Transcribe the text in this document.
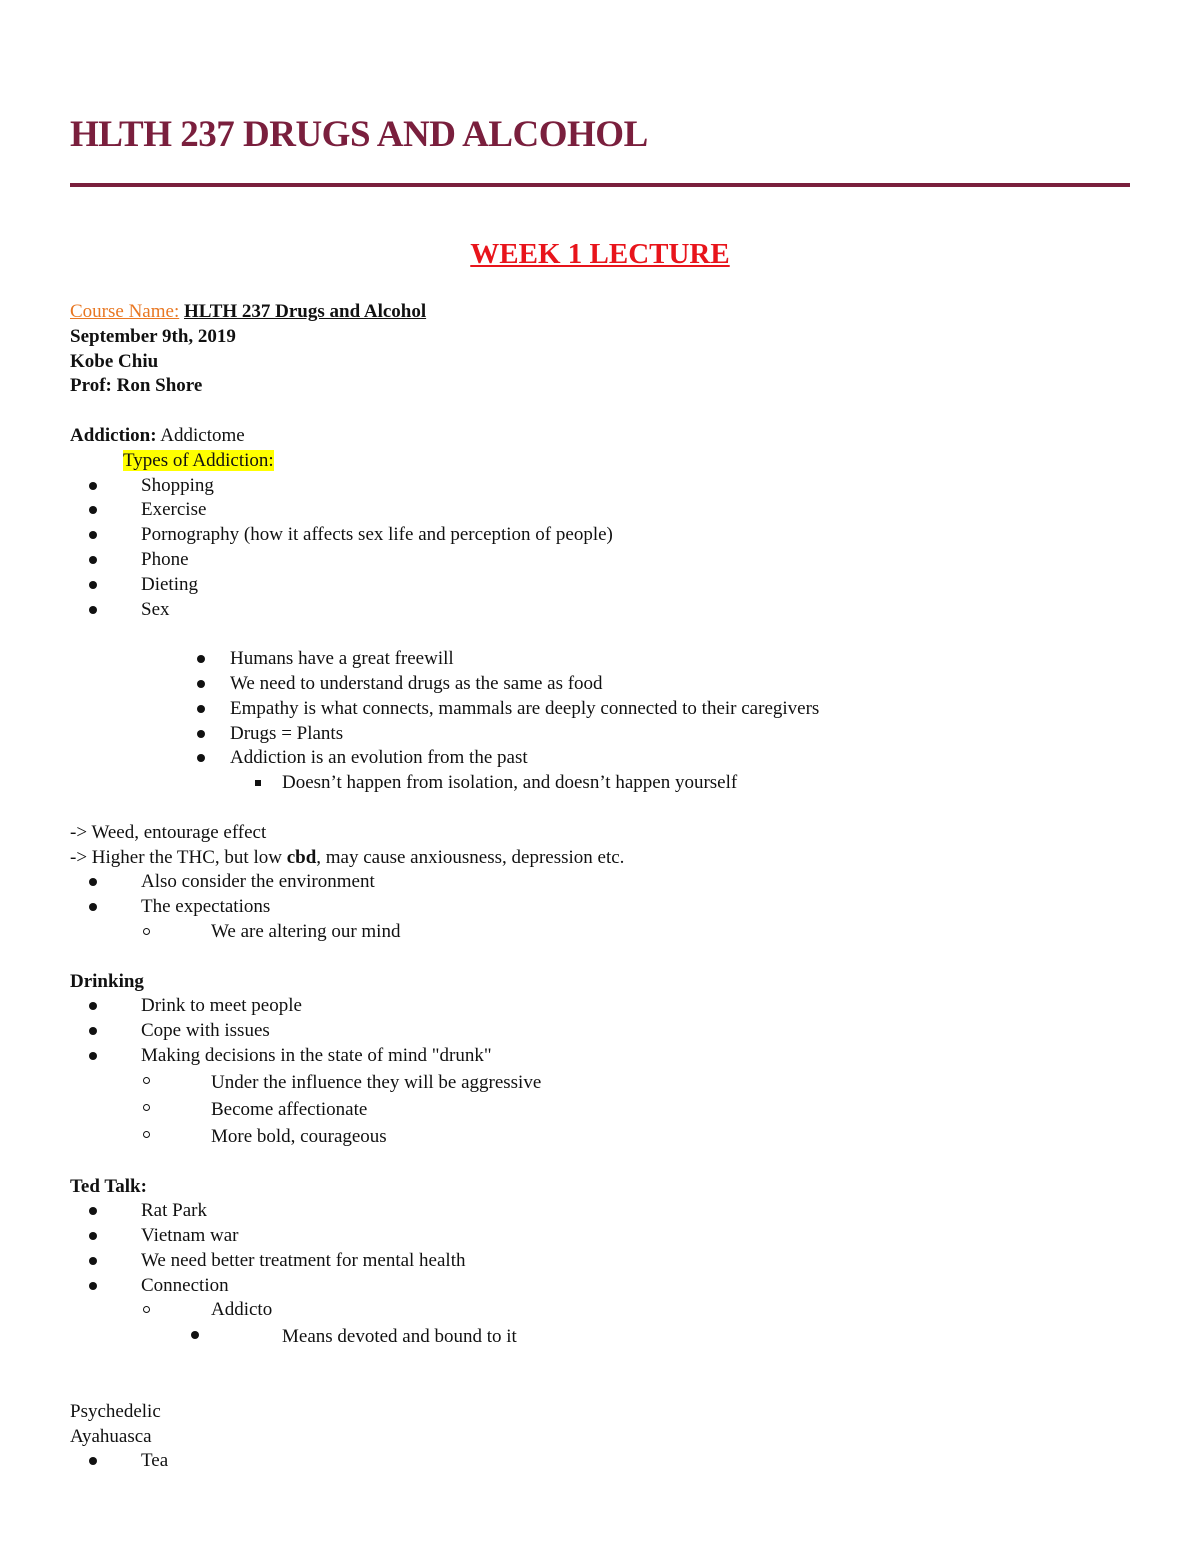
HLTH 237 DRUGS AND ALCOHOL
WEEK 1 LECTURE
Course Name: HLTH 237 Drugs and Alcohol
September 9th, 2019
Kobe Chiu
Prof: Ron Shore
Addiction: Addictome
Types of Addiction:
Shopping
Exercise
Pornography (how it affects sex life and perception of people)
Phone
Dieting
Sex
Humans have a great freewill
We need to understand drugs as the same as food
Empathy is what connects, mammals are deeply connected to their caregivers
Drugs = Plants
Addiction is an evolution from the past
Doesn’t happen from isolation, and doesn’t happen yourself
-> Weed, entourage effect
-> Higher the THC, but low cbd, may cause anxiousness, depression etc.
Also consider the environment
The expectations
We are altering our mind
Drinking
Drink to meet people
Cope with issues
Making decisions in the state of mind "drunk"
Under the influence they will be aggressive
Become affectionate
More bold, courageous
Ted Talk:
Rat Park
Vietnam war
We need better treatment for mental health
Connection
Addicto
Means devoted and bound to it
Psychedelic
Ayahuasca
Tea
